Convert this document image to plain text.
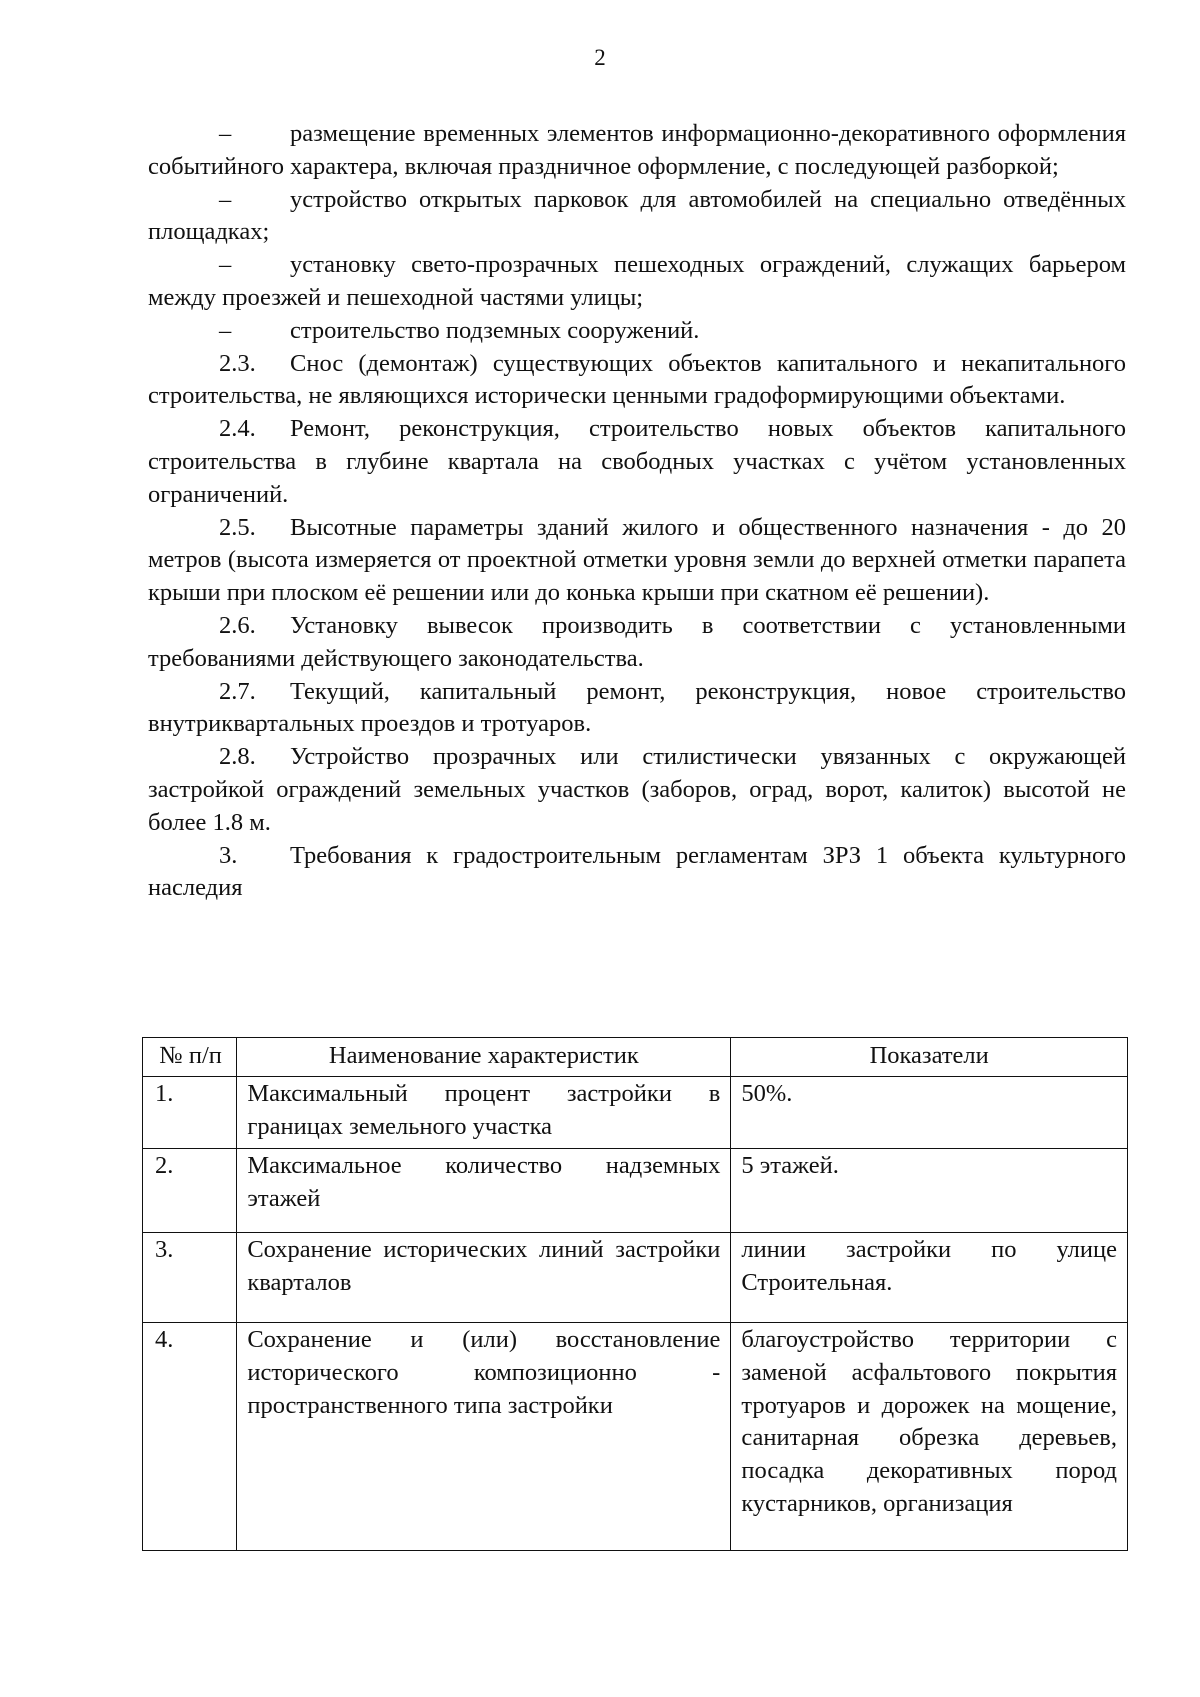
2

– размещение временных элементов информационно-декоративного оформления событийного характера, включая праздничное оформление, с последующей разборкой;

– устройство открытых парковок для автомобилей на специально отведённых площадках;

– установку свето-прозрачных пешеходных ограждений, служащих барьером между проезжей и пешеходной частями улицы;

– строительство подземных сооружений.

2.3. Снос (демонтаж) существующих объектов капитального и некапитального строительства, не являющихся исторически ценными градоформирующими объектами.

2.4. Ремонт, реконструкция, строительство новых объектов капитального строительства в глубине квартала на свободных участках с учётом установленных ограничений.

2.5. Высотные параметры зданий жилого и общественного назначения - до 20 метров (высота измеряется от проектной отметки уровня земли до верхней отметки парапета крыши при плоском её решении или до конька крыши при скатном её решении).

2.6. Установку вывесок производить в соответствии с установленными требованиями действующего законодательства.

2.7. Текущий, капитальный ремонт, реконструкция, новое строительство внутриквартальных проездов и тротуаров.

2.8. Устройство прозрачных или стилистически увязанных с окружающей застройкой ограждений земельных участков (заборов, оград, ворот, калиток) высотой не более 1.8 м.

3. Требования к градостроительным регламентам ЗРЗ 1 объекта культурного наследия

№ п/п	Наименование характеристик	Показатели
1.	Максимальный процент застройки в границах земельного участка	50%.
2.	Максимальное количество надземных этажей	5 этажей.
3.	Сохранение исторических линий застройки кварталов	линии застройки по улице Строительная.
4.	Сохранение и (или) восстановление исторического композиционно - пространственного типа застройки	благоустройство территории с заменой асфальтового покрытия тротуаров и дорожек на мощение, санитарная обрезка деревьев, посадка декоративных пород кустарников, организация
